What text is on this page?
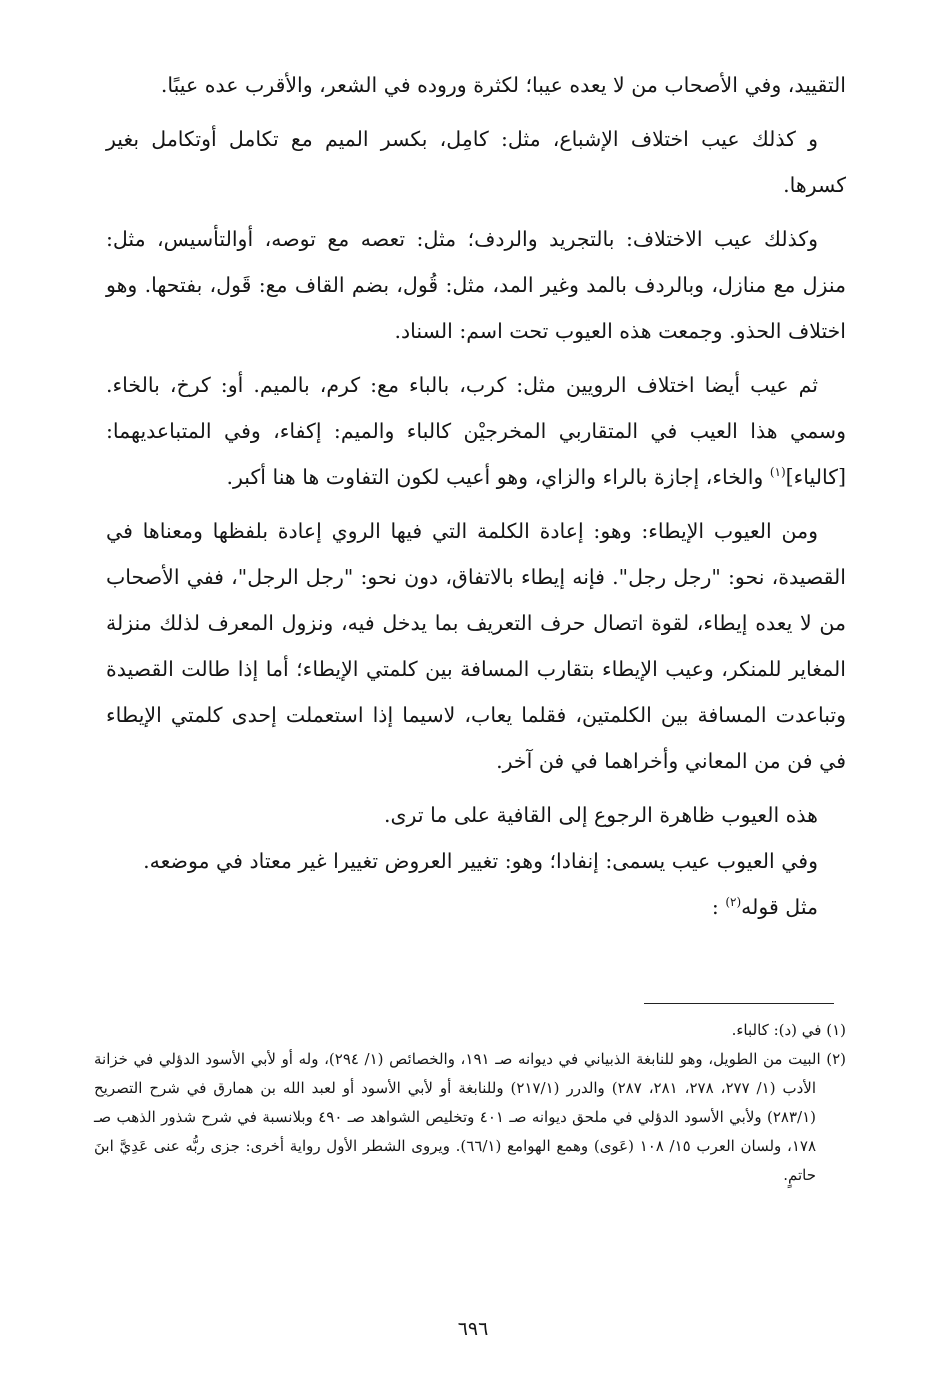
التقييد، وفي الأصحاب من لا يعده عيبا؛ لكثرة وروده في الشعر، والأقرب عده عيبًا.

و كذلك عيب اختلاف الإشباع، مثل: كامِل، بكسر الميم مع تكامل أوتكامل بغير كسرها.

وكذلك عيب الاختلاف: بالتجريد والردف؛ مثل: تعصه مع توصه، أوالتأسيس، مثل: منزل مع منازل، وبالردف بالمد وغير المد، مثل: قُول، بضم القاف مع: قَول، بفتحها. وهو اختلاف الحذو. وجمعت هذه العيوب تحت اسم: السناد.

ثم عيب أيضا اختلاف الرويين مثل: كرب، بالباء مع: كرم، بالميم. أو: كرخ، بالخاء. وسمي هذا العيب في المتقاربي المخرجيْن كالباء والميم: إكفاء، وفي المتباعديهما: [كالياء]$^{(١)}$ والخاء، إجازة بالراء والزاي، وهو أعيب لكون التفاوت ها هنا أكبر.

ومن العيوب الإيطاء: وهو: إعادة الكلمة التي فيها الروي إعادة بلفظها ومعناها في القصيدة، نحو: "رجل رجل". فإنه إيطاء بالاتفاق، دون نحو: "رجل الرجل"، ففي الأصحاب من لا يعده إيطاء، لقوة اتصال حرف التعريف بما يدخل فيه، ونزول المعرف لذلك منزلة المغاير للمنكر، وعيب الإيطاء بتقارب المسافة بين كلمتي الإيطاء؛ أما إذا طالت القصيدة وتباعدت المسافة بين الكلمتين، فقلما يعاب، لاسيما إذا استعملت إحدى كلمتي الإيطاء في فن من المعاني وأخراهما في فن آخر.

هذه العيوب ظاهرة الرجوع إلى القافية على ما ترى.

وفي العيوب عيب يسمى: إنفادا؛ وهو: تغيير العروض تغييرا غير معتاد في موضعه.

مثل قوله$^{(٢)}$ :

(١) في (د): كالباء.

(٢) البيت من الطويل، وهو للنابغة الذبياني في ديوانه صـ ١٩١، والخصائص (١/ ٢٩٤)، وله أو لأبي الأسود الدؤلي في خزانة الأدب (١/ ٢٧٧، ٢٧٨، ٢٨١، ٢٨٧) والدرر (٢١٧/١) وللنابغة أو لأبي الأسود أو لعبد الله بن همارق في شرح التصريح (٢٨٣/١) ولأبي الأسود الدؤلي في ملحق ديوانه صـ ٤٠١ وتخليص الشواهد صـ ٤٩٠ وبلانسبة في شرح شذور الذهب صـ ١٧٨، ولسان العرب ١٥/ ١٠٨ (عَوى) وهمع الهوامع (٦٦/١). ويروى الشطر الأول رواية أخرى: جزى ربُّه عنى عَدِيَّ ابنَ حاتمٍ.

٦٩٦
